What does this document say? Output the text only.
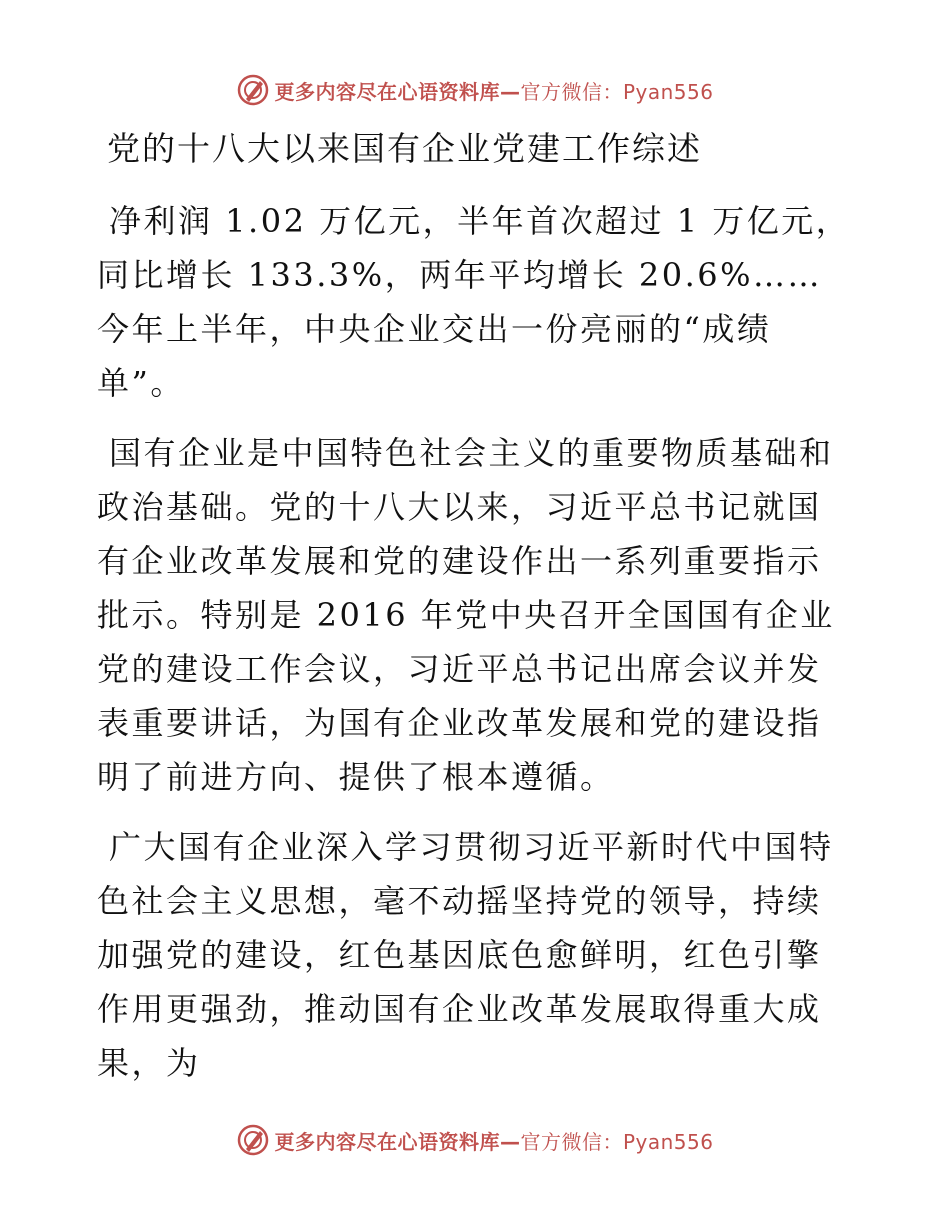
更多内容尽在心语资料库—官方微信：Pyan556
党的十八大以来国有企业党建工作综述

净利润 1.02 万亿元，半年首次超过 1 万亿元，同比增长 133.3%，两年平均增长 20.6%……今年上半年，中央企业交出一份亮丽的“成绩单”。

国有企业是中国特色社会主义的重要物质基础和政治基础。党的十八大以来，习近平总书记就国有企业改革发展和党的建设作出一系列重要指示批示。特别是 2016 年党中央召开全国国有企业党的建设工作会议，习近平总书记出席会议并发表重要讲话，为国有企业改革发展和党的建设指明了前进方向、提供了根本遵循。

广大国有企业深入学习贯彻习近平新时代中国特色社会主义思想，毫不动摇坚持党的领导，持续加强党的建设，红色基因底色愈鲜明，红色引擎作用更强劲，推动国有企业改革发展取得重大成果，为

更多内容尽在心语资料库—官方微信：Pyan556
